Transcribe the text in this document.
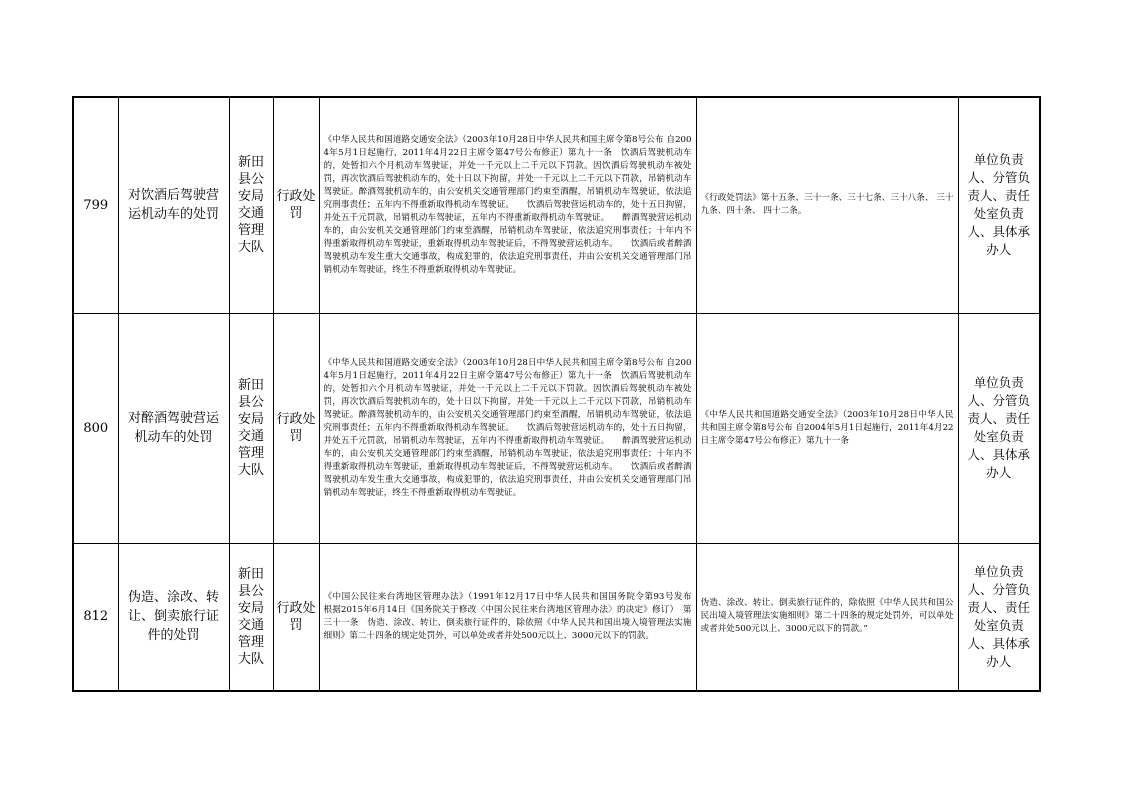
799	对饮酒后驾驶营运机动车的处罚	新田县公安局交通管理大队	行政处罚	《中华人民共和国道路交通安全法》（2003年10月28日中华人民共和国主席令第8号公布 自2004年5月1日起施行，2011年4月22日主席令第47号公布修正）第九十一条　饮酒后驾驶机动车的，处暂扣六个月机动车驾驶证，并处一千元以上二千元以下罚款。因饮酒后驾驶机动车被处罚，再次饮酒后驾驶机动车的，处十日以下拘留，并处一千元以上二千元以下罚款，吊销机动车驾驶证。醉酒驾驶机动车的，由公安机关交通管理部门约束至酒醒，吊销机动车驾驶证，依法追究刑事责任；五年内不得重新取得机动车驾驶证。　　饮酒后驾驶营运机动车的，处十五日拘留，并处五千元罚款，吊销机动车驾驶证，五年内不得重新取得机动车驾驶证。　　醉酒驾驶营运机动车的，由公安机关交通管理部门约束至酒醒，吊销机动车驾驶证，依法追究刑事责任；十年内不得重新取得机动车驾驶证，重新取得机动车驾驶证后，不得驾驶营运机动车。　　饮酒后或者醉酒驾驶机动车发生重大交通事故，构成犯罪的，依法追究刑事责任，并由公安机关交通管理部门吊销机动车驾驶证，终生不得重新取得机动车驾驶证。	《行政处罚法》第十五条、三十一条、三十七条、三十八条、 三十九条、四十条、 四十二条。	单位负责人、分管负责人、责任处室负责人、具体承办人
800	对醉酒驾驶营运机动车的处罚	新田县公安局交通管理大队	行政处罚	《中华人民共和国道路交通安全法》（2003年10月28日中华人民共和国主席令第8号公布 自2004年5月1日起施行，2011年4月22日主席令第47号公布修正）第九十一条　饮酒后驾驶机动车的，处暂扣六个月机动车驾驶证，并处一千元以上二千元以下罚款。因饮酒后驾驶机动车被处罚，再次饮酒后驾驶机动车的，处十日以下拘留，并处一千元以上二千元以下罚款，吊销机动车驾驶证。醉酒驾驶机动车的，由公安机关交通管理部门约束至酒醒，吊销机动车驾驶证，依法追究刑事责任；五年内不得重新取得机动车驾驶证。　　饮酒后驾驶营运机动车的，处十五日拘留，并处五千元罚款，吊销机动车驾驶证，五年内不得重新取得机动车驾驶证。　　醉酒驾驶营运机动车的，由公安机关交通管理部门约束至酒醒，吊销机动车驾驶证，依法追究刑事责任；十年内不得重新取得机动车驾驶证，重新取得机动车驾驶证后，不得驾驶营运机动车。　　饮酒后或者醉酒驾驶机动车发生重大交通事故，构成犯罪的，依法追究刑事责任，并由公安机关交通管理部门吊销机动车驾驶证，终生不得重新取得机动车驾驶证。	《中华人民共和国道路交通安全法》（2003年10月28日中华人民共和国主席令第8号公布 自2004年5月1日起施行，2011年4月22日主席令第47号公布修正）第九十一条	单位负责人、分管负责人、责任处室负责人、具体承办人
812	伪造、涂改、转让、倒卖旅行证件的处罚	新田县公安局交通管理大队	行政处罚	《中国公民往来台湾地区管理办法》（1991年12月17日中华人民共和国国务院令第93号发布　根据2015年6月14日《国务院关于修改〈中国公民往来台湾地区管理办法〉的决定》修订）　第三十一条　伪造、涂改、转让、倒卖旅行证件的，除依照《中华人民共和国出境入境管理法实施细则》第二十四条的规定处罚外，可以单处或者并处500元以上、3000元以下的罚款。	伪造、涂改、转让、倒卖旅行证件的，除依照《中华人民共和国公民出境入境管理法实施细则》第二十四条的规定处罚外，可以单处或者并处500元以上、3000元以下的罚款。”	单位负责人、分管负责人、责任处室负责人、具体承办人
